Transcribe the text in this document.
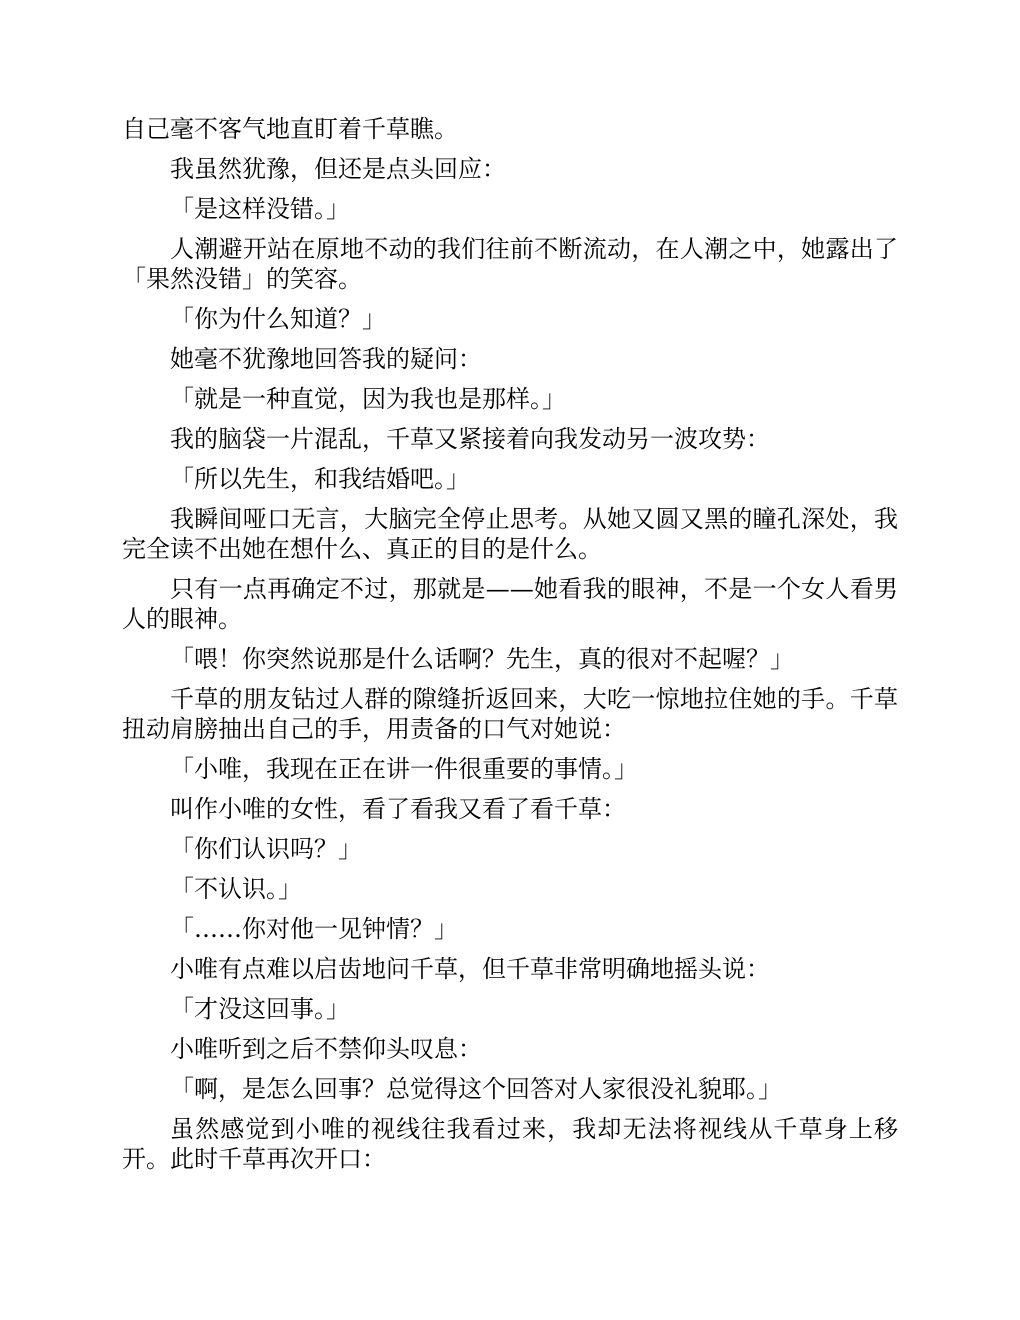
自己毫不客气地直盯着千草瞧。

我虽然犹豫，但还是点头回应：

「是这样没错。」

人潮避开站在原地不动的我们往前不断流动，在人潮之中，她露出了「果然没错」的笑容。

「你为什么知道？」

她毫不犹豫地回答我的疑问：

「就是一种直觉，因为我也是那样。」

我的脑袋一片混乱，千草又紧接着向我发动另一波攻势：

「所以先生，和我结婚吧。」

我瞬间哑口无言，大脑完全停止思考。从她又圆又黑的瞳孔深处，我完全读不出她在想什么、真正的目的是什么。

只有一点再确定不过，那就是——她看我的眼神，不是一个女人看男人的眼神。

「喂！你突然说那是什么话啊？先生，真的很对不起喔？」

千草的朋友钻过人群的隙缝折返回来，大吃一惊地拉住她的手。千草扭动肩膀抽出自己的手，用责备的口气对她说：

「小唯，我现在正在讲一件很重要的事情。」

叫作小唯的女性，看了看我又看了看千草：

「你们认识吗？」

「不认识。」

「……你对他一见钟情？」

小唯有点难以启齿地问千草，但千草非常明确地摇头说：

「才没这回事。」

小唯听到之后不禁仰头叹息：

「啊，是怎么回事？总觉得这个回答对人家很没礼貌耶。」

虽然感觉到小唯的视线往我看过来，我却无法将视线从千草身上移开。此时千草再次开口：
